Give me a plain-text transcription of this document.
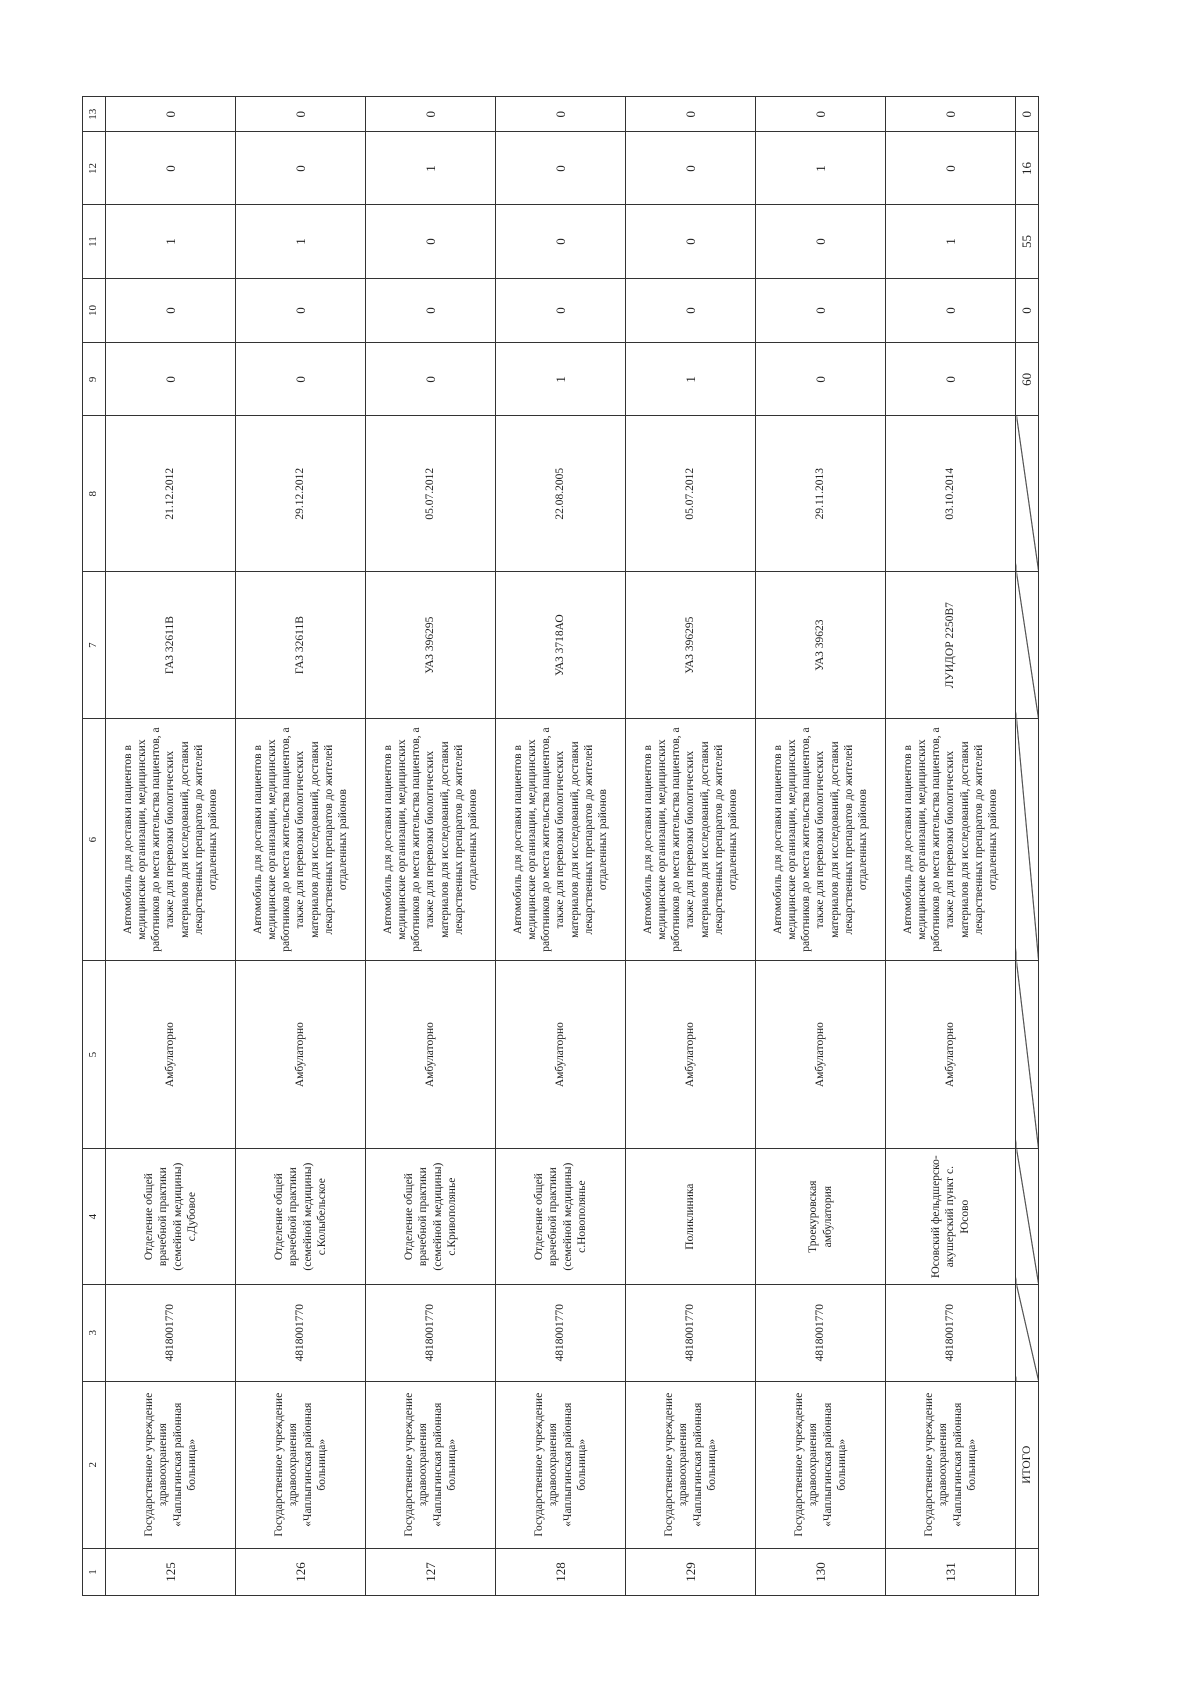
1	2	3	4	5	6	7	8	9	10	11	12	13
125	Государственное учреждение здравоохранения «Чаплыгинская районная больница»	4818001770	Отделение общей врачебной практики (семейной медицины) с.Дубовое	Амбулаторно	Автомобиль для доставки пациентов в медицинские организации, медицинских работников до места жительства пациентов, а также для перевозки биологических материалов для исследований, доставки лекарственных препаратов до жителей отдаленных районов	ГАЗ 32611В	21.12.2012	0	0	1	0	0
126	Государственное учреждение здравоохранения «Чаплыгинская районная больница»	4818001770	Отделение общей врачебной практики (семейной медицины) с.Колыбельское	Амбулаторно	Автомобиль для доставки пациентов в медицинские организации, медицинских работников до места жительства пациентов, а также для перевозки биологических материалов для исследований, доставки лекарственных препаратов до жителей отдаленных районов	ГАЗ 32611В	29.12.2012	0	0	1	0	0
127	Государственное учреждение здравоохранения «Чаплыгинская районная больница»	4818001770	Отделение общей врачебной практики (семейной медицины) с.Кривополянье	Амбулаторно	Автомобиль для доставки пациентов в медицинские организации, медицинских работников до места жительства пациентов, а также для перевозки биологических материалов для исследований, доставки лекарственных препаратов до жителей отдаленных районов	УАЗ 396295	05.07.2012	0	0	0	1	0
128	Государственное учреждение здравоохранения «Чаплыгинская районная больница»	4818001770	Отделение общей врачебной практики (семейной медицины) с.Новополянье	Амбулаторно	Автомобиль для доставки пациентов в медицинские организации, медицинских работников до места жительства пациентов, а также для перевозки биологических материалов для исследований, доставки лекарственных препаратов до жителей отдаленных районов	УАЗ 3718АО	22.08.2005	1	0	0	0	0
129	Государственное учреждение здравоохранения «Чаплыгинская районная больница»	4818001770	Поликлиника	Амбулаторно	Автомобиль для доставки пациентов в медицинские организации, медицинских работников до места жительства пациентов, а также для перевозки биологических материалов для исследований, доставки лекарственных препаратов до жителей отдаленных районов	УАЗ 396295	05.07.2012	1	0	0	0	0
130	Государственное учреждение здравоохранения «Чаплыгинская районная больница»	4818001770	Троекуровская амбулатория	Амбулаторно	Автомобиль для доставки пациентов в медицинские организации, медицинских работников до места жительства пациентов, а также для перевозки биологических материалов для исследований, доставки лекарственных препаратов до жителей отдаленных районов	УАЗ 39623	29.11.2013	0	0	0	1	0
131	Государственное учреждение здравоохранения «Чаплыгинская районная больница»	4818001770	Юсовский фельдшерско-акушерский пункт с. Юсово	Амбулаторно	Автомобиль для доставки пациентов в медицинские организации, медицинских работников до места жительства пациентов, а также для перевозки биологических материалов для исследований, доставки лекарственных препаратов до жителей отдаленных районов	ЛУИДОР 2250В7	03.10.2014	0	0	1	0	0
	ИТОГО							60	0	55	16	0
